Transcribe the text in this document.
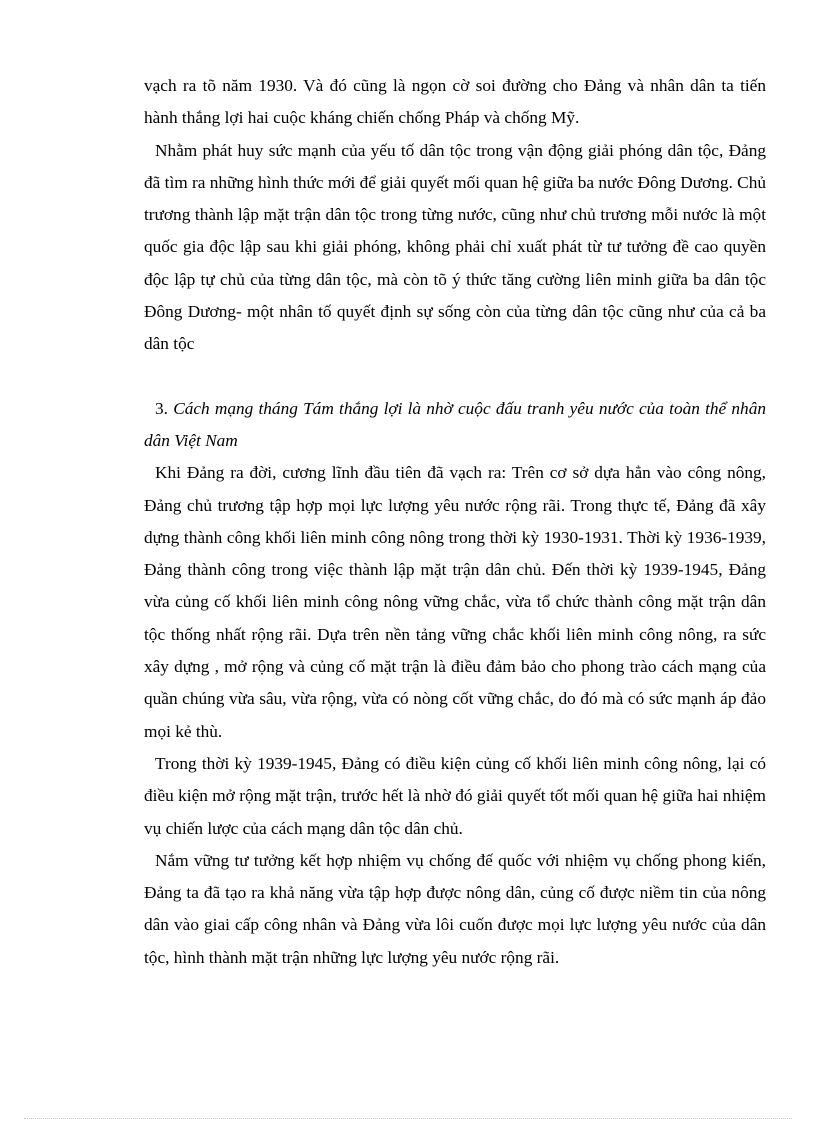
vạch ra tõ năm 1930. Và đó cũng là ngọn cờ soi đường cho Đảng và nhân dân ta tiến hành thắng lợi hai cuộc kháng chiến chống Pháp và chống Mỹ.

Nhằm phát huy sức mạnh của yếu tố dân tộc trong vận động giải phóng dân tộc, Đảng đã tìm ra những hình thức mới để giải quyết mối quan hệ giữa ba nước Đông Dương. Chủ trương thành lập mặt trận dân tộc trong từng nước, cũng như chủ trương mỗi nước là một quốc gia độc lập sau khi giải phóng, không phải chỉ xuất phát từ tư tưởng đề cao quyền độc lập tự chủ của từng dân tộc, mà còn tõ ý thức tăng cường liên minh giữa ba dân tộc Đông Dương- một nhân tố quyết định sự sống còn của từng dân tộc cũng như của cả ba dân tộc

3. Cách mạng tháng Tám thắng lợi là nhờ cuộc đấu tranh yêu nước của toàn thể nhân dân Việt Nam

Khi Đảng ra đời, cương lĩnh đầu tiên đã vạch ra: Trên cơ sở dựa hẳn vào công nông, Đảng chủ trương tập hợp mọi lực lượng yêu nước rộng rãi. Trong thực tế, Đảng đã xây dựng thành công khối liên minh công nông trong thời kỳ 1930-1931. Thời kỳ 1936-1939, Đảng thành công trong việc thành lập mặt trận dân chủ. Đến thời kỳ 1939-1945, Đảng vừa củng cố khối liên minh công nông vững chắc, vừa tổ chức thành công mặt trận dân tộc thống nhất rộng rãi. Dựa trên nền tảng vững chắc khối liên minh công nông, ra sức xây dựng , mở rộng và củng cố mặt trận là điều đảm bảo cho phong trào cách mạng của quần chúng vừa sâu, vừa rộng, vừa có nòng cốt vững chắc, do đó mà có sức mạnh áp đảo mọi kẻ thù.

Trong thời kỳ 1939-1945, Đảng có điều kiện củng cố khối liên minh công nông, lại có điều kiện mở rộng mặt trận, trước hết là nhờ đó giải quyết tốt mối quan hệ giữa hai nhiệm vụ chiến lược của cách mạng dân tộc dân chủ.

Nắm vững tư tưởng kết hợp nhiệm vụ chống đế quốc với nhiệm vụ chống phong kiến, Đảng ta đã tạo ra khả năng vừa tập hợp được nông dân, củng cố được niềm tin của nông dân vào giai cấp công nhân và Đảng vừa lôi cuốn được mọi lực lượng yêu nước của dân tộc, hình thành mặt trận những lực lượng yêu nước rộng rãi.
